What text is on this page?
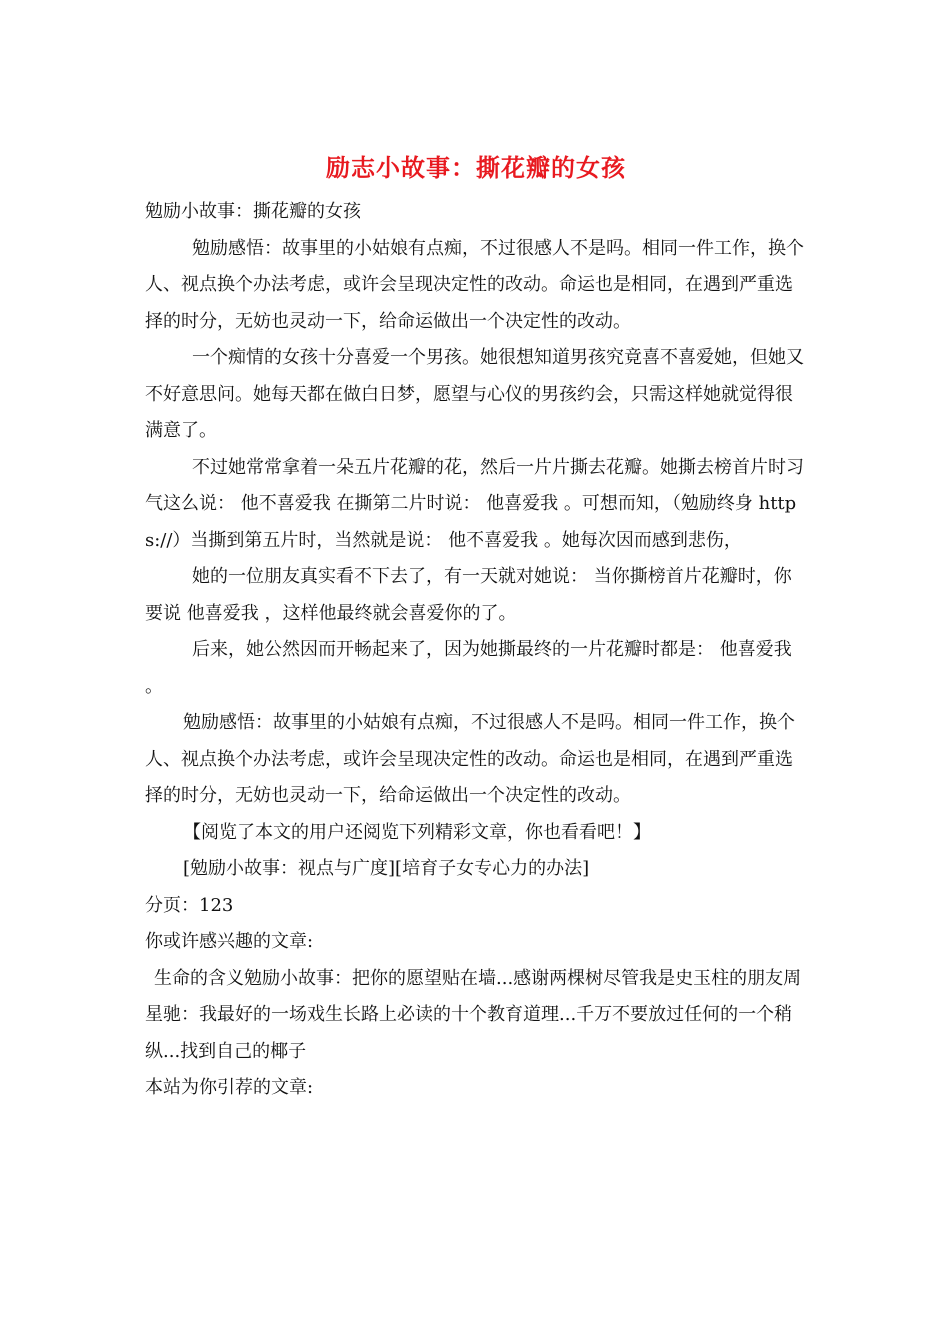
励志小故事：撕花瓣的女孩

勉励小故事：撕花瓣的女孩

勉励感悟：故事里的小姑娘有点痴，不过很感人不是吗。相同一件工作，换个人、视点换个办法考虑，或许会呈现决定性的改动。命运也是相同，在遇到严重选择的时分，无妨也灵动一下，给命运做出一个决定性的改动。

一个痴情的女孩十分喜爱一个男孩。她很想知道男孩究竟喜不喜爱她，但她又不好意思问。她每天都在做白日梦，愿望与心仪的男孩约会，只需这样她就觉得很满意了。

不过她常常拿着一朵五片花瓣的花，然后一片片撕去花瓣。她撕去榜首片时习气这么说： 他不喜爱我 在撕第二片时说： 他喜爱我 。可想而知，（勉励终身 https://）当撕到第五片时，当然就是说： 他不喜爱我 。她每次因而感到悲伤，

她的一位朋友真实看不下去了，有一天就对她说： 当你撕榜首片花瓣时，你要说 他喜爱我 ，这样他最终就会喜爱你的了。

后来，她公然因而开畅起来了，因为她撕最终的一片花瓣时都是： 他喜爱我 。

勉励感悟：故事里的小姑娘有点痴，不过很感人不是吗。相同一件工作，换个人、视点换个办法考虑，或许会呈现决定性的改动。命运也是相同，在遇到严重选择的时分，无妨也灵动一下，给命运做出一个决定性的改动。

【阅览了本文的用户还阅览下列精彩文章，你也看看吧！】

[勉励小故事：视点与广度][培育子女专心力的办法]

分页：123

你或许感兴趣的文章:

生命的含义勉励小故事：把你的愿望贴在墙...感谢两棵树尽管我是史玉柱的朋友周星驰：我最好的一场戏生长路上必读的十个教育道理...千万不要放过任何的一个稍纵...找到自己的椰子

本站为你引荐的文章:
